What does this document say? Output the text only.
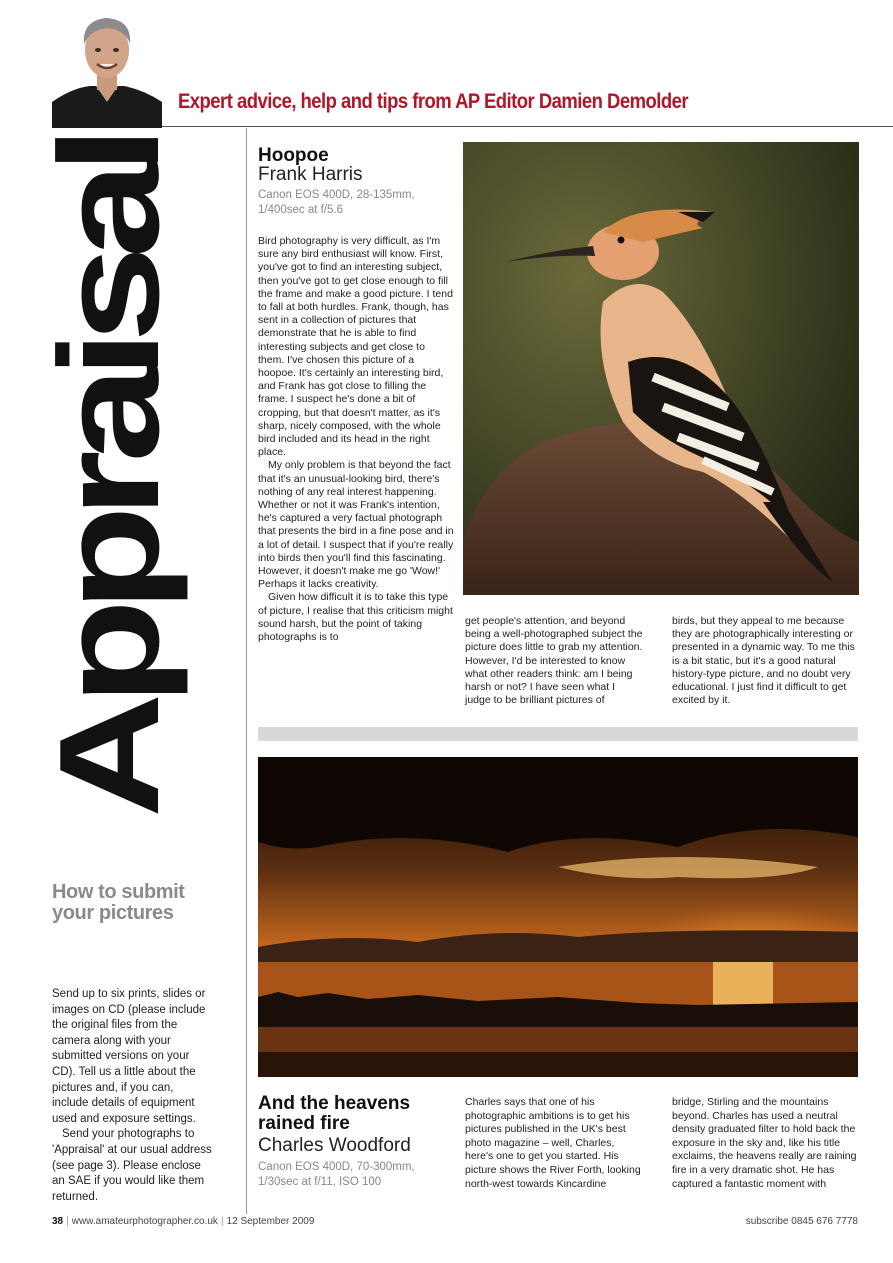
Expert advice, help and tips from AP Editor Damien Demolder
Appraisal
Hoopoe
Frank Harris
Canon EOS 400D, 28-135mm, 1/400sec at f/5.6

Bird photography is very difficult, as I'm sure any bird enthusiast will know. First, you've got to find an interesting subject, then you've got to get close enough to fill the frame and make a good picture. I tend to fall at both hurdles. Frank, though, has sent in a collection of pictures that demonstrate that he is able to find interesting subjects and get close to them. I've chosen this picture of a hoopoe. It's certainly an interesting bird, and Frank has got close to filling the frame. I suspect he's done a bit of cropping, but that doesn't matter, as it's sharp, nicely composed, with the whole bird included and its head in the right place.

My only problem is that beyond the fact that it's an unusual-looking bird, there's nothing of any real interest happening. Whether or not it was Frank's intention, he's captured a very factual photograph that presents the bird in a fine pose and in a lot of detail. I suspect that if you're really into birds then you'll find this fascinating. However, it doesn't make me go 'Wow!' Perhaps it lacks creativity.

Given how difficult it is to take this type of picture, I realise that this criticism might sound harsh, but the point of taking photographs is to

get people's attention, and beyond being a well-photographed subject the picture does little to grab my attention. However, I'd be interested to know what other readers think: am I being harsh or not? I have seen what I judge to be brilliant pictures of
birds, but they appeal to me because they are photographically interesting or presented in a dynamic way. To me this is a bit static, but it's a good natural history-type picture, and no doubt very educational. I just find it difficult to get excited by it.
How to submit your pictures

Send up to six prints, slides or images on CD (please include the original files from the camera along with your submitted versions on your CD). Tell us a little about the pictures and, if you can, include details of equipment used and exposure settings.

Send your photographs to 'Appraisal' at our usual address (see page 3). Please enclose an SAE if you would like them returned.

And the heavens rained fire
Charles Woodford
Canon EOS 400D, 70-300mm, 1/30sec at f/11, ISO 100
Charles says that one of his photographic ambitions is to get his pictures published in the UK's best photo magazine – well, Charles, here's one to get you started. His picture shows the River Forth, looking north-west towards Kincardine
bridge, Stirling and the mountains beyond. Charles has used a neutral density graduated filter to hold back the exposure in the sky and, like his title exclaims, the heavens really are raining fire in a very dramatic shot. He has captured a fantastic moment with
38 | www.amateurphotographer.co.uk | 12 September 2009	subscribe 0845 676 7778
